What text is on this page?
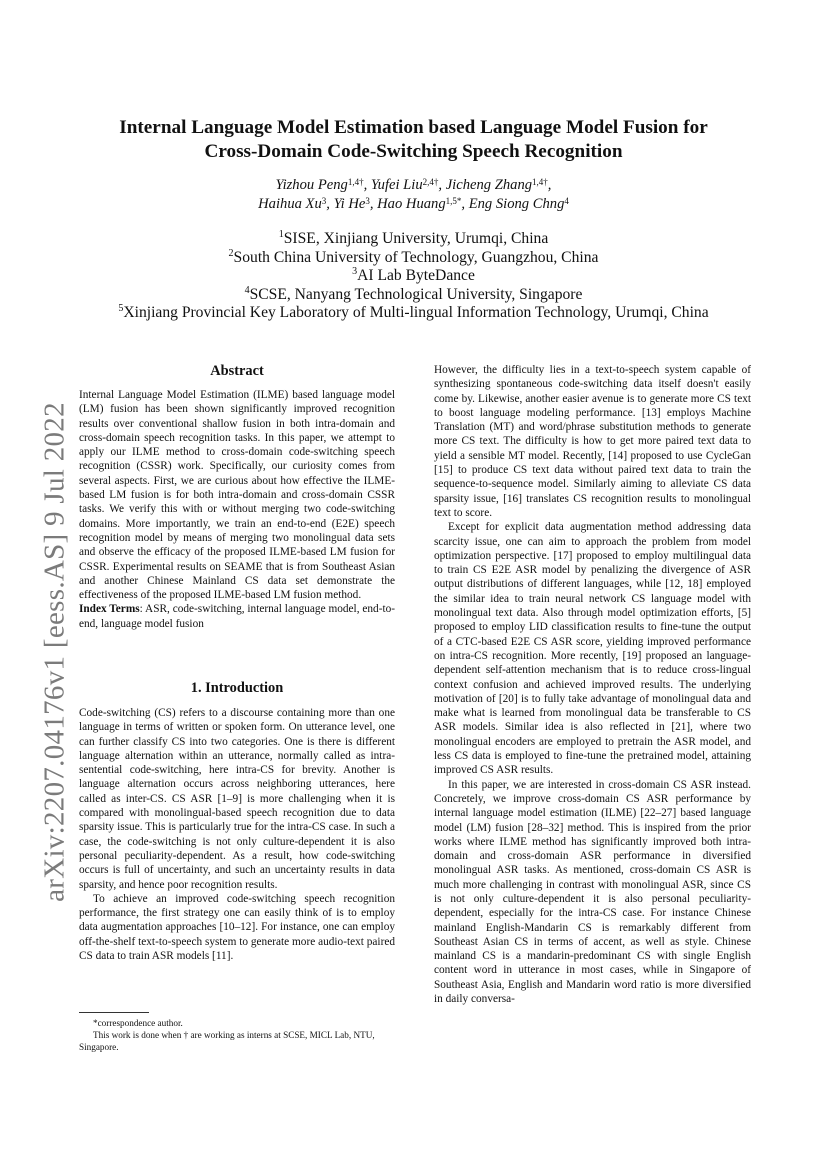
arXiv:2207.04176v1 [eess.AS] 9 Jul 2022
Internal Language Model Estimation based Language Model Fusion for
Cross-Domain Code-Switching Speech Recognition
Yizhou Peng$^{1,4\dagger}$, Yufei Liu$^{2,4\dagger}$, Jicheng Zhang$^{1,4\dagger}$,
Haihua Xu$^3$, Yi He$^3$, Hao Huang$^{1,5*}$, Eng Siong Chng$^4$
$^1$SISE, Xinjiang University, Urumqi, China
$^2$South China University of Technology, Guangzhou, China
$^3$AI Lab ByteDance
$^4$SCSE, Nanyang Technological University, Singapore
$^5$Xinjiang Provincial Key Laboratory of Multi-lingual Information Technology, Urumqi, China
Abstract

Internal Language Model Estimation (ILME) based language model (LM) fusion has been shown significantly improved recognition results over conventional shallow fusion in both intra-domain and cross-domain speech recognition tasks. In this paper, we attempt to apply our ILME method to cross-domain code-switching speech recognition (CSSR) work. Specifically, our curiosity comes from several aspects. First, we are curious about how effective the ILME-based LM fusion is for both intra-domain and cross-domain CSSR tasks. We verify this with or without merging two code-switching domains. More importantly, we train an end-to-end (E2E) speech recognition model by means of merging two monolingual data sets and observe the efficacy of the proposed ILME-based LM fusion for CSSR. Experimental results on SEAME that is from Southeast Asian and another Chinese Mainland CS data set demonstrate the effectiveness of the proposed ILME-based LM fusion method.

Index Terms: ASR, code-switching, internal language model, end-to-end, language model fusion

1. Introduction

Code-switching (CS) refers to a discourse containing more than one language in terms of written or spoken form. On utterance level, one can further classify CS into two categories. One is there is different language alternation within an utterance, normally called as intra-sentential code-switching, here intra-CS for brevity. Another is language alternation occurs across neighboring utterances, here called as inter-CS. CS ASR [1–9] is more challenging when it is compared with monolingual-based speech recognition due to data sparsity issue. This is particularly true for the intra-CS case. In such a case, the code-switching is not only culture-dependent it is also personal peculiarity-dependent. As a result, how code-switching occurs is full of uncertainty, and such an uncertainty results in data sparsity, and hence poor recognition results.

To achieve an improved code-switching speech recognition performance, the first strategy one can easily think of is to employ data augmentation approaches [10–12]. For instance, one can employ off-the-shelf text-to-speech system to generate more audio-text paired CS data to train ASR models [11].

*correspondence author.

This work is done when † are working as interns at SCSE, MICL Lab, NTU, Singapore.

However, the difficulty lies in a text-to-speech system capable of synthesizing spontaneous code-switching data itself doesn't easily come by. Likewise, another easier avenue is to generate more CS text to boost language modeling performance. [13] employs Machine Translation (MT) and word/phrase substitution methods to generate more CS text. The difficulty is how to get more paired text data to yield a sensible MT model. Recently, [14] proposed to use CycleGan [15] to produce CS text data without paired text data to train the sequence-to-sequence model. Similarly aiming to alleviate CS data sparsity issue, [16] translates CS recognition results to monolingual text to score.

Except for explicit data augmentation method addressing data scarcity issue, one can aim to approach the problem from model optimization perspective. [17] proposed to employ multilingual data to train CS E2E ASR model by penalizing the divergence of ASR output distributions of different languages, while [12, 18] employed the similar idea to train neural network CS language model with monolingual text data. Also through model optimization efforts, [5] proposed to employ LID classification results to fine-tune the output of a CTC-based E2E CS ASR score, yielding improved performance on intra-CS recognition. More recently, [19] proposed an language-dependent self-attention mechanism that is to reduce cross-lingual context confusion and achieved improved results. The underlying motivation of [20] is to fully take advantage of monolingual data and make what is learned from monolingual data be transferable to CS ASR models. Similar idea is also reflected in [21], where two monolingual encoders are employed to pretrain the ASR model, and less CS data is employed to fine-tune the pretrained model, attaining improved CS ASR results.

In this paper, we are interested in cross-domain CS ASR instead. Concretely, we improve cross-domain CS ASR performance by internal language model estimation (ILME) [22–27] based language model (LM) fusion [28–32] method. This is inspired from the prior works where ILME method has significantly improved both intra-domain and cross-domain ASR performance in diversified monolingual ASR tasks. As mentioned, cross-domain CS ASR is much more challenging in contrast with monolingual ASR, since CS is not only culture-dependent it is also personal peculiarity-dependent, especially for the intra-CS case. For instance Chinese mainland English-Mandarin CS is remarkably different from Southeast Asian CS in terms of accent, as well as style. Chinese mainland CS is a mandarin-predominant CS with single English content word in utterance in most cases, while in Singapore of Southeast Asia, English and Mandarin word ratio is more diversified in daily conversa-
